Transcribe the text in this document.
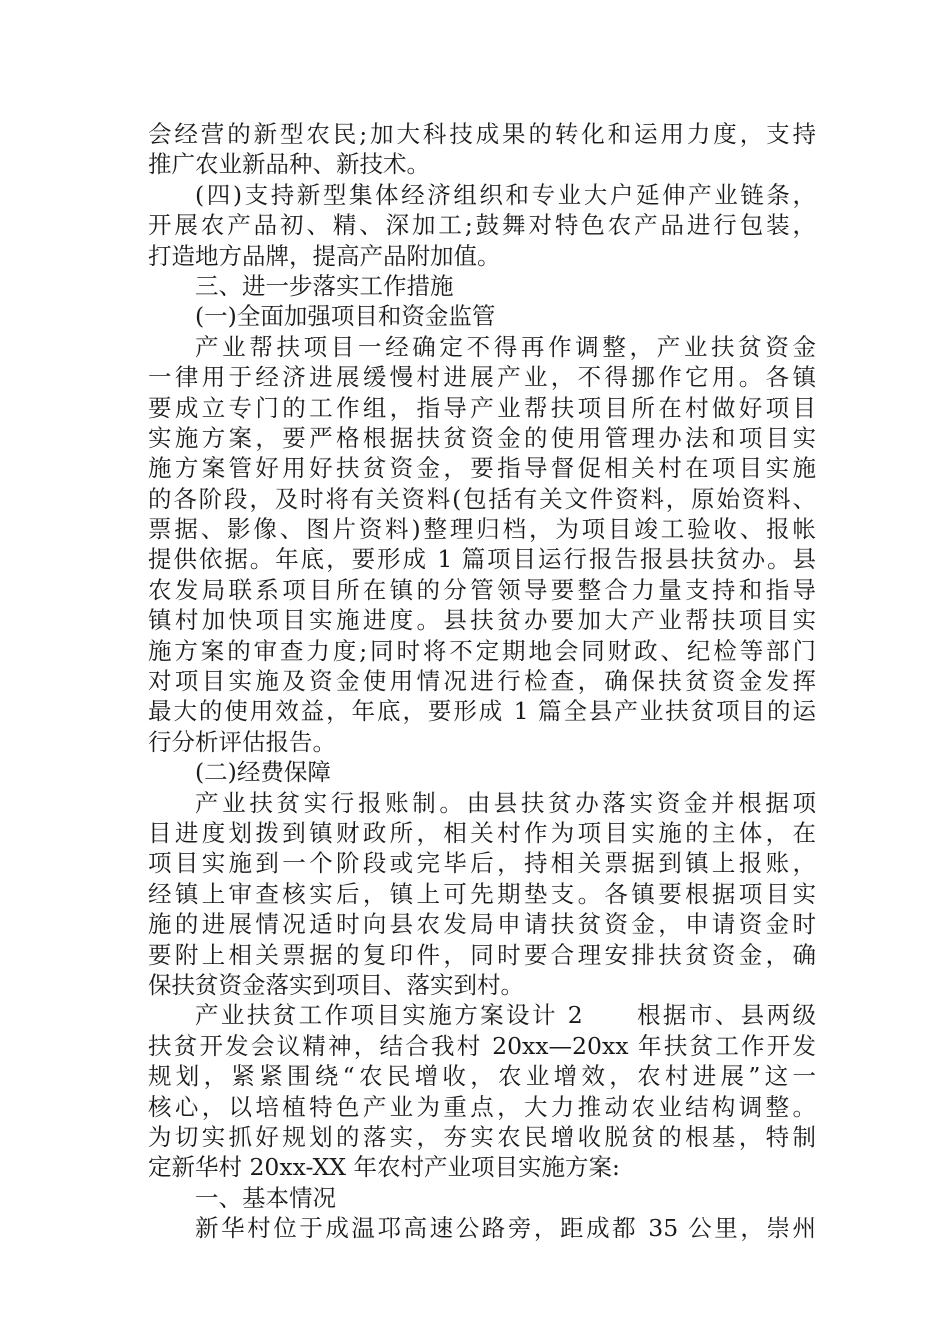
会经营的新型农民;加大科技成果的转化和运用力度，支持
推广农业新品种、新技术。
(四)支持新型集体经济组织和专业大户延伸产业链条，
开展农产品初、精、深加工;鼓舞对特色农产品进行包装，
打造地方品牌，提高产品附加值。
三、进一步落实工作措施
(一)全面加强项目和资金监管
产业帮扶项目一经确定不得再作调整，产业扶贫资金
一律用于经济进展缓慢村进展产业，不得挪作它用。各镇
要成立专门的工作组，指导产业帮扶项目所在村做好项目
实施方案，要严格根据扶贫资金的使用管理办法和项目实
施方案管好用好扶贫资金，要指导督促相关村在项目实施
的各阶段，及时将有关资料(包括有关文件资料，原始资料、
票据、影像、图片资料)整理归档，为项目竣工验收、报帐
提供依据。年底，要形成 1 篇项目运行报告报县扶贫办。县
农发局联系项目所在镇的分管领导要整合力量支持和指导
镇村加快项目实施进度。县扶贫办要加大产业帮扶项目实
施方案的审查力度;同时将不定期地会同财政、纪检等部门
对项目实施及资金使用情况进行检查，确保扶贫资金发挥
最大的使用效益，年底，要形成 1 篇全县产业扶贫项目的运
行分析评估报告。
(二)经费保障
产业扶贫实行报账制。由县扶贫办落实资金并根据项
目进度划拨到镇财政所，相关村作为项目实施的主体，在
项目实施到一个阶段或完毕后，持相关票据到镇上报账，
经镇上审查核实后，镇上可先期垫支。各镇要根据项目实
施的进展情况适时向县农发局申请扶贫资金，申请资金时
要附上相关票据的复印件，同时要合理安排扶贫资金，确
保扶贫资金落实到项目、落实到村。
产业扶贫工作项目实施方案设计 2　　根据市、县两级
扶贫开发会议精神，结合我村 20xx—20xx 年扶贫工作开发
规划，紧紧围绕“农民增收，农业增效，农村进展”这一
核心，以培植特色产业为重点，大力推动农业结构调整。
为切实抓好规划的落实，夯实农民增收脱贫的根基，特制
定新华村 20xx-XX 年农村产业项目实施方案:
一、基本情况
新华村位于成温邛高速公路旁，距成都 35 公里，崇州
